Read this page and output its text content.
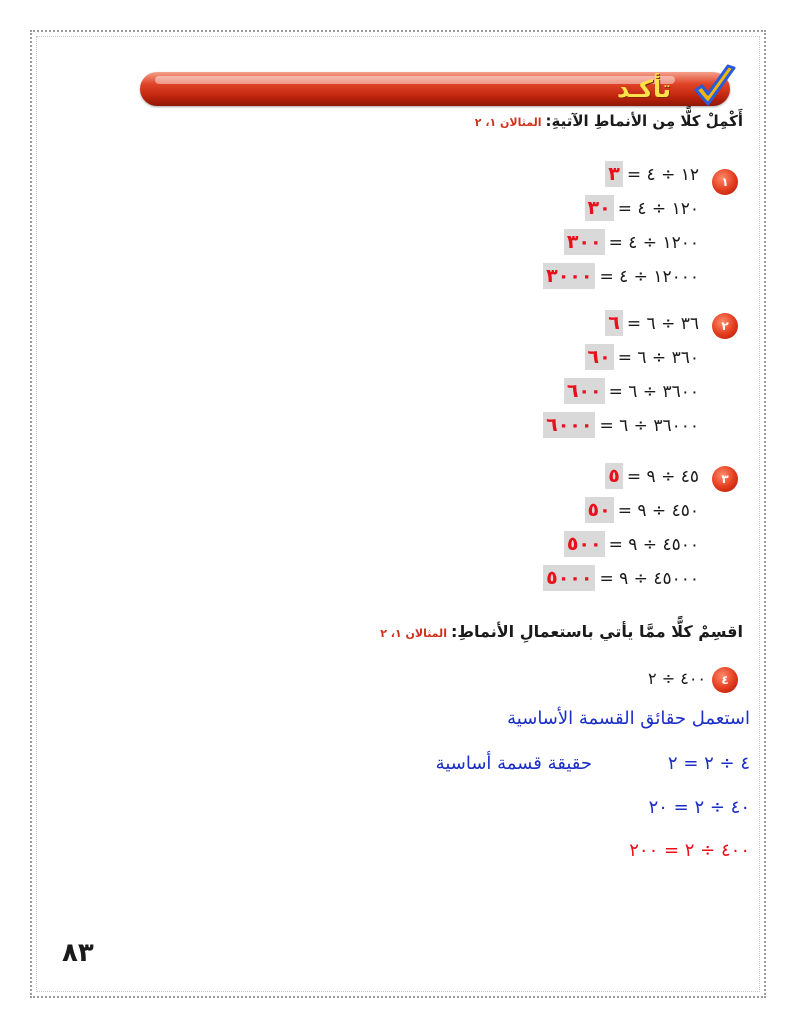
تأكـد
أَكْمِلْ كلًّا مِن الأنماطِ الآتيةِ:المثالان ١، ٢
١
١٢ ÷ ٤ =٣
١٢٠ ÷ ٤ =٣٠
١٢٠٠ ÷ ٤ =٣٠٠
١٢٠٠٠ ÷ ٤ =٣٠٠٠
٢
٣٦ ÷ ٦ =٦
٣٦٠ ÷ ٦ =٦٠
٣٦٠٠ ÷ ٦ =٦٠٠
٣٦٠٠٠ ÷ ٦ =٦٠٠٠
٣
٤٥ ÷ ٩ =٥
٤٥٠ ÷ ٩ =٥٠
٤٥٠٠ ÷ ٩ =٥٠٠
٤٥٠٠٠ ÷ ٩ =٥٠٠٠
اقسِمْ كلًّا ممَّا يأتي باستعمالِ الأنماطِ:المثالان ١، ٢
٤٤٠٠ ÷ ٢
استعمل حقائق القسمة الأساسية
٤ ÷ ٢ = ٢
حقيقة قسمة أساسية
٤٠ ÷ ٢ = ٢٠
٤٠٠ ÷ ٢ = ٢٠٠
٨٣
